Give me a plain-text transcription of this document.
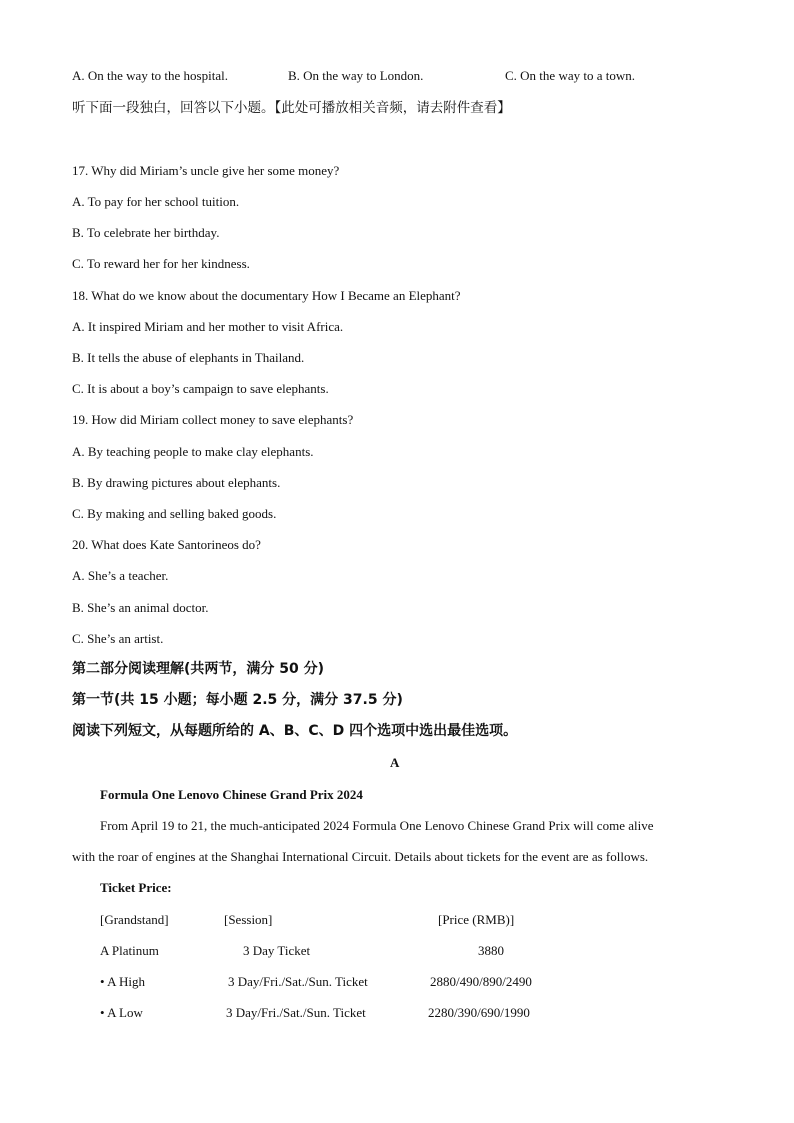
A. On the way to the hospital.	B. On the way to London.	C. On the way to a town.
听下面一段独白，回答以下小题。【此处可播放相关音频，请去附件查看】
17. Why did Miriam’s uncle give her some money?
A. To pay for her school tuition.
B. To celebrate her birthday.
C. To reward her for her kindness.
18. What do we know about the documentary How I Became an Elephant?
A. It inspired Miriam and her mother to visit Africa.
B. It tells the abuse of elephants in Thailand.
C. It is about a boy’s campaign to save elephants.
19. How did Miriam collect money to save elephants?
A. By teaching people to make clay elephants.
B. By drawing pictures about elephants.
C. By making and selling baked goods.
20. What does Kate Santorineos do?
A. She’s a teacher.
B. She’s an animal doctor.
C. She’s an artist.
第二部分阅读理解(共两节，满分 50 分)
第一节(共 15 小题；每小题 2.5 分，满分 37.5 分)
阅读下列短文，从每题所给的 A、B、C、D 四个选项中选出最佳选项。
A
Formula One Lenovo Chinese Grand Prix 2024
From April 19 to 21, the much-anticipated 2024 Formula One Lenovo Chinese Grand Prix will come alive
with the roar of engines at the Shanghai International Circuit. Details about tickets for the event are as follows.
Ticket Price:
[Grandstand]	[Session]	[Price (RMB)]
A Platinum	3 Day Ticket	3880
• A High	3 Day/Fri./Sat./Sun. Ticket	2880/490/890/2490
• A Low	3 Day/Fri./Sat./Sun. Ticket	2280/390/690/1990
